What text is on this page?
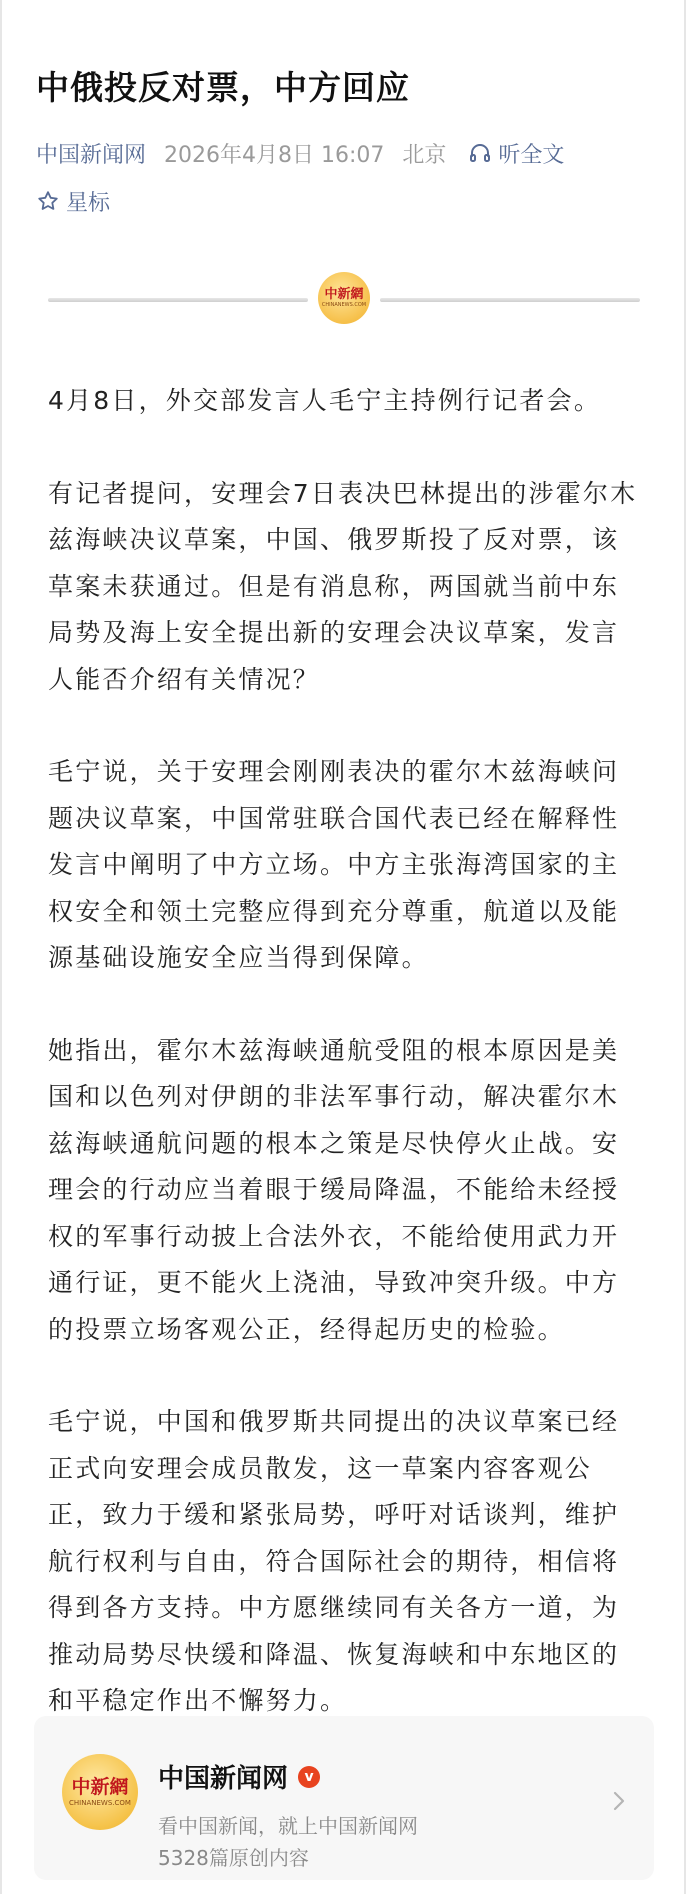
中俄投反对票，中方回应
中国新闻网 2026年4月8日 16:07 北京 听全文
星标
中新網
CHINANEWS.COM

4月8日，外交部发言人毛宁主持例行记者会。

有记者提问，安理会7日表决巴林提出的涉霍尔木兹海峡决议草案，中国、俄罗斯投了反对票，该草案未获通过。但是有消息称，两国就当前中东局势及海上安全提出新的安理会决议草案，发言人能否介绍有关情况？

毛宁说，关于安理会刚刚表决的霍尔木兹海峡问题决议草案，中国常驻联合国代表已经在解释性发言中阐明了中方立场。中方主张海湾国家的主权安全和领土完整应得到充分尊重，航道以及能源基础设施安全应当得到保障。

她指出，霍尔木兹海峡通航受阻的根本原因是美国和以色列对伊朗的非法军事行动，解决霍尔木兹海峡通航问题的根本之策是尽快停火止战。安理会的行动应当着眼于缓局降温，不能给未经授权的军事行动披上合法外衣，不能给使用武力开通行证，更不能火上浇油，导致冲突升级。中方的投票立场客观公正，经得起历史的检验。

毛宁说，中国和俄罗斯共同提出的决议草案已经正式向安理会成员散发，这一草案内容客观公正，致力于缓和紧张局势，呼吁对话谈判，维护航行权利与自由，符合国际社会的期待，相信将得到各方支持。中方愿继续同有关各方一道，为推动局势尽快缓和降温、恢复海峡和中东地区的和平稳定作出不懈努力。

中新網
CHINANEWS.COM
中国新闻网	v
看中国新闻，就上中国新闻网
5328篇原创内容
